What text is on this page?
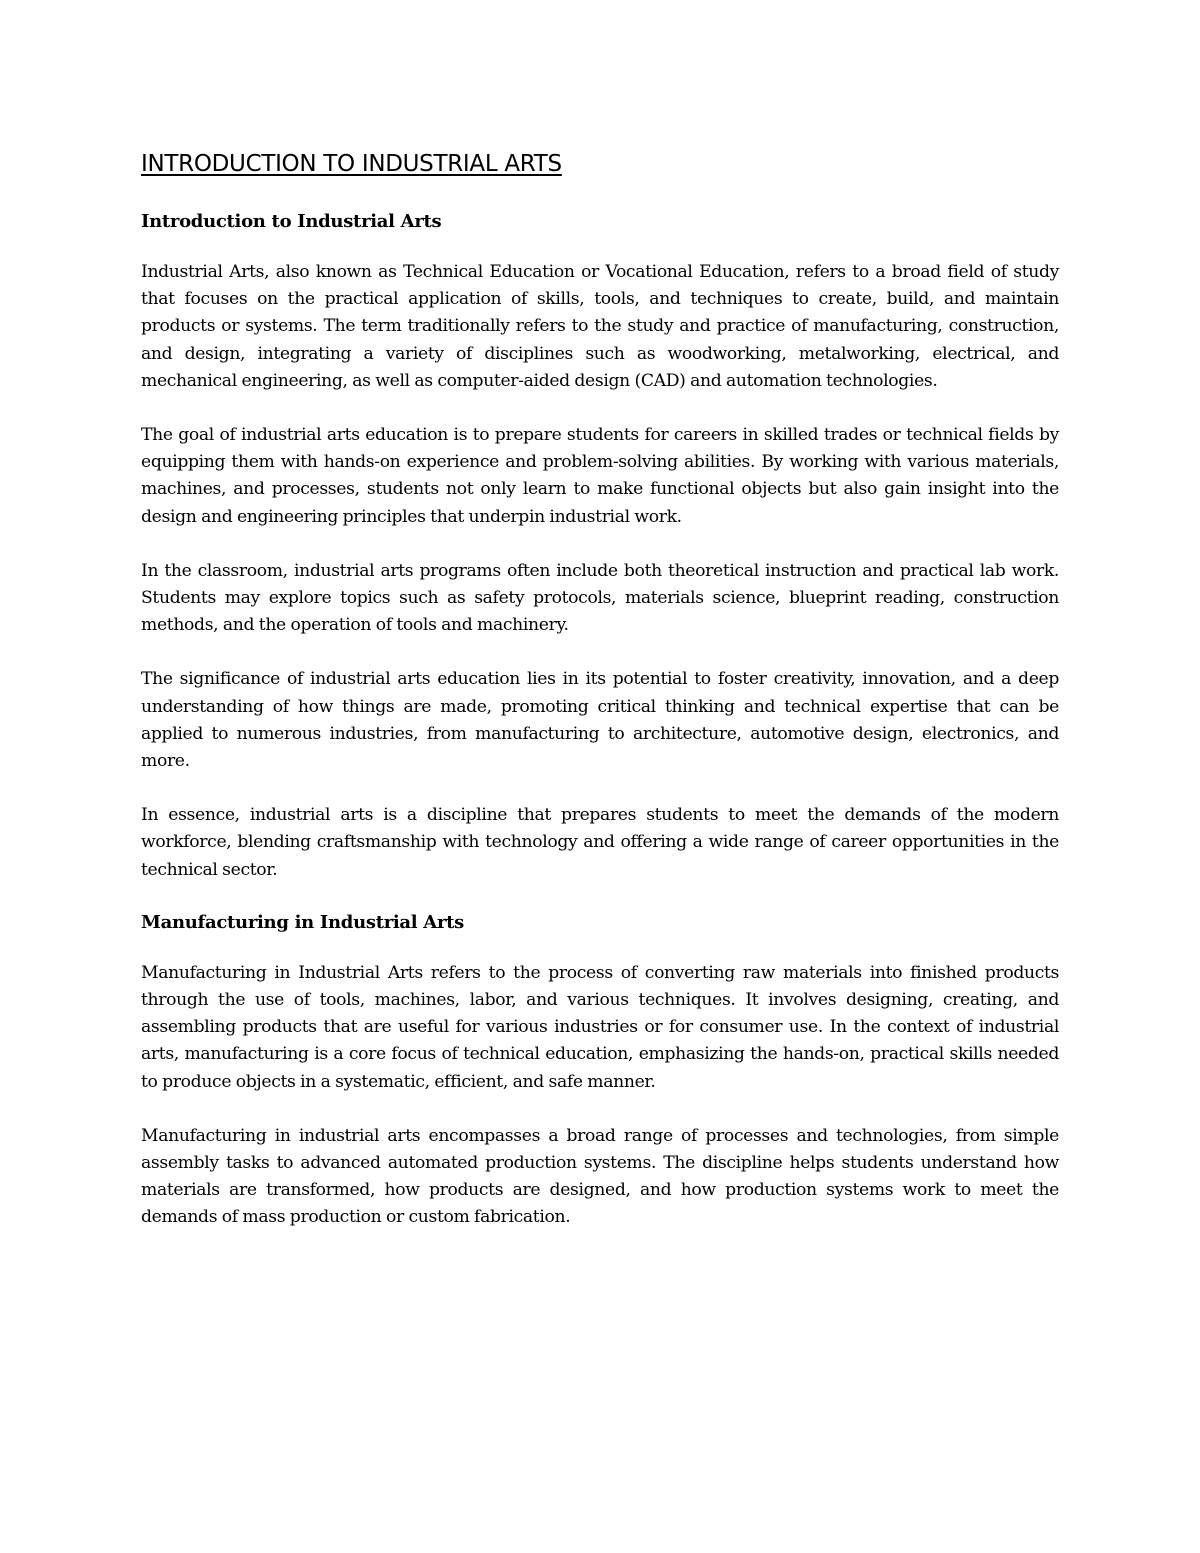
INTRODUCTION TO INDUSTRIAL ARTS
Introduction to Industrial Arts

Industrial Arts, also known as Technical Education or Vocational Education, refers to a broad field of study that focuses on the practical application of skills, tools, and techniques to create, build, and maintain products or systems. The term traditionally refers to the study and practice of manufacturing, construction, and design, integrating a variety of disciplines such as woodworking, metalworking, electrical, and mechanical engineering, as well as computer-aided design (CAD) and automation technologies.

The goal of industrial arts education is to prepare students for careers in skilled trades or technical fields by equipping them with hands-on experience and problem-solving abilities. By working with various materials, machines, and processes, students not only learn to make functional objects but also gain insight into the design and engineering principles that underpin industrial work.

In the classroom, industrial arts programs often include both theoretical instruction and practical lab work. Students may explore topics such as safety protocols, materials science, blueprint reading, construction methods, and the operation of tools and machinery.

The significance of industrial arts education lies in its potential to foster creativity, innovation, and a deep understanding of how things are made, promoting critical thinking and technical expertise that can be applied to numerous industries, from manufacturing to architecture, automotive design, electronics, and more.

In essence, industrial arts is a discipline that prepares students to meet the demands of the modern workforce, blending craftsmanship with technology and offering a wide range of career opportunities in the technical sector.

Manufacturing in Industrial Arts

Manufacturing in Industrial Arts refers to the process of converting raw materials into finished products through the use of tools, machines, labor, and various techniques. It involves designing, creating, and assembling products that are useful for various industries or for consumer use. In the context of industrial arts, manufacturing is a core focus of technical education, emphasizing the hands-on, practical skills needed to produce objects in a systematic, efficient, and safe manner.

Manufacturing in industrial arts encompasses a broad range of processes and technologies, from simple assembly tasks to advanced automated production systems. The discipline helps students understand how materials are transformed, how products are designed, and how production systems work to meet the demands of mass production or custom fabrication.
